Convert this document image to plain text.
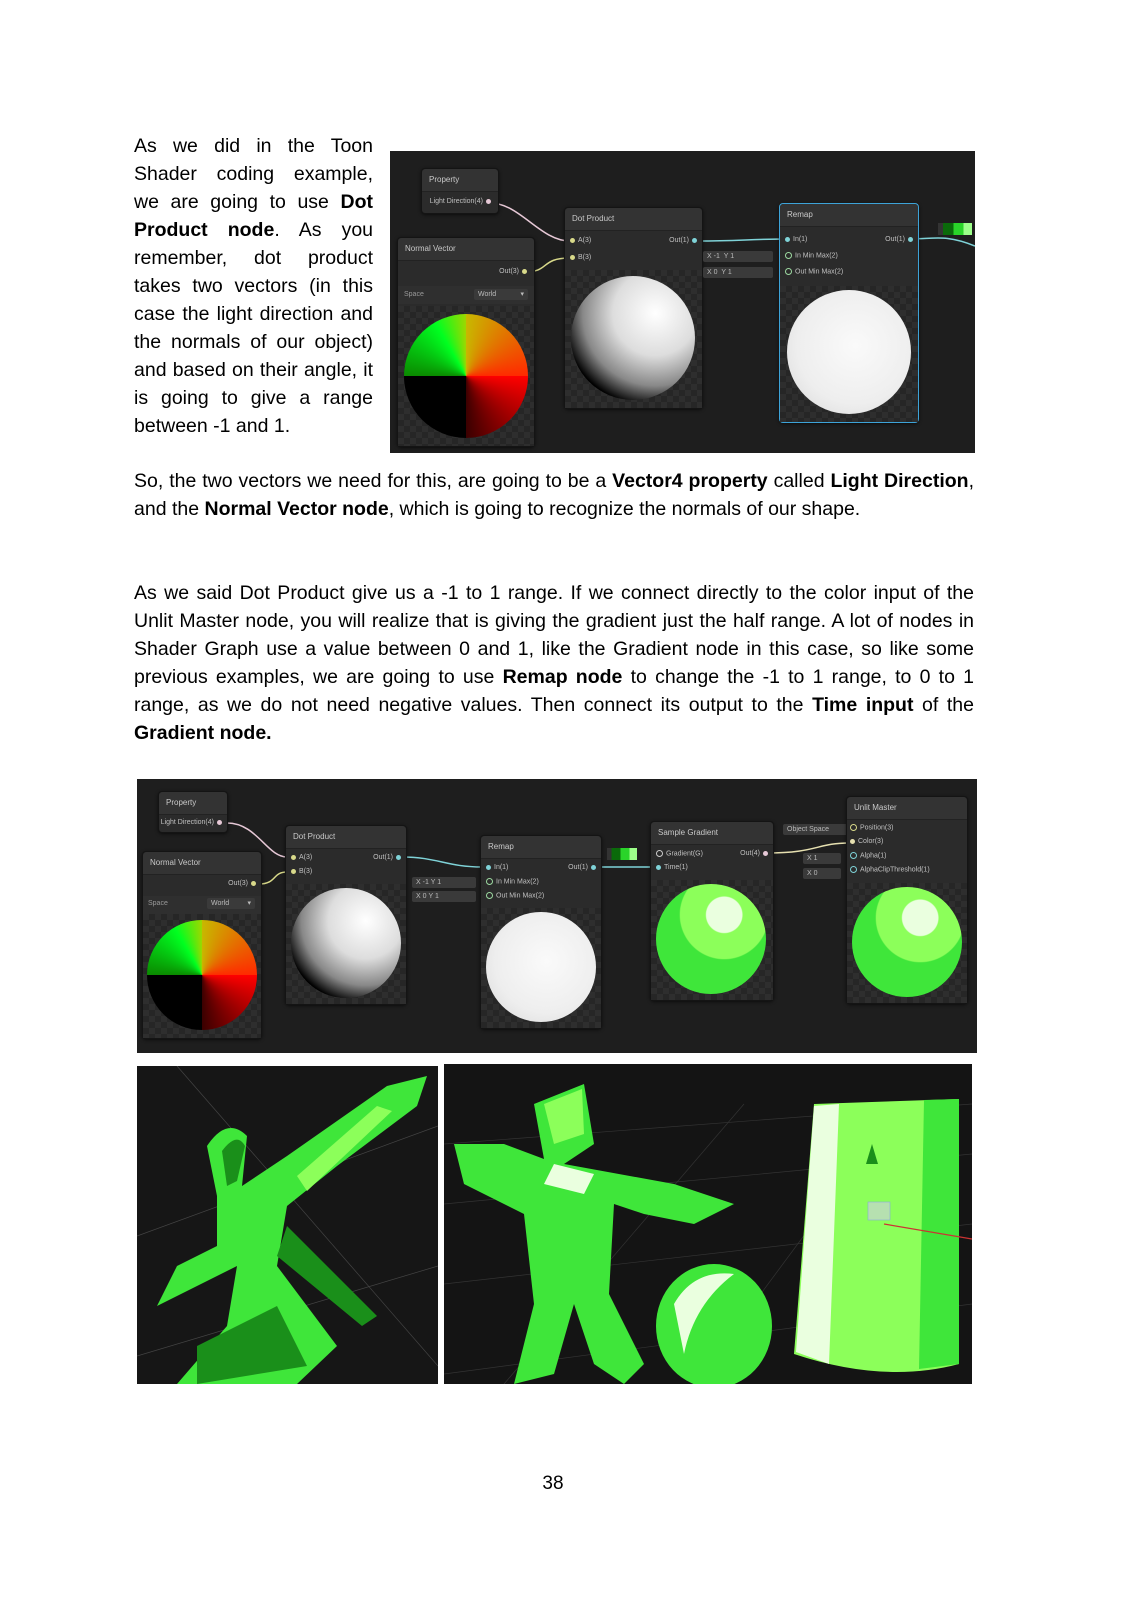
As we did in the Toon Shader coding example, we are going to use Dot Product node. As you remember, dot product takes two vectors (in this case the light direction and the normals of our object) and based on their angle, it is going to give a range between -1 and 1.

Property
Light Direction(4)
Normal Vector
Out(3)
Space	World	▾
Dot Product
A(3)
B(3)
Out(1)
X -1 Y 1
X 0 Y 1
Remap
In(1)
In Min Max(2)
Out Min Max(2)
Out(1)

So, the two vectors we need for this, are going to be a Vector4 property called Light Direction, and the Normal Vector node, which is going to recognize the normals of our shape.

As we said Dot Product give us a -1 to 1 range. If we connect directly to the color input of the Unlit Master node, you will realize that is giving the gradient just the half range. A lot of nodes in Shader Graph use a value between 0 and 1, like the Gradient node in this case, so like some previous examples, we are going to use Remap node to change the -1 to 1 range, to 0 to 1 range, as we do not need negative values. Then connect its output to the Time input of the Gradient node.

Property
Light Direction(4)
Normal Vector
Out(3)
Space	World	▾
Dot Product
A(3)
B(3)
Out(1)
X -1 Y 1
X 0 Y 1
Remap
In(1)
In Min Max(2)
Out Min Max(2)
Out(1)
Sample Gradient
Gradient(G)
Time(1)
Out(4)
Object Space
X 1
X 0
Unlit Master
Position(3)
Color(3)
Alpha(1)
AlphaClipThreshold(1)
38
